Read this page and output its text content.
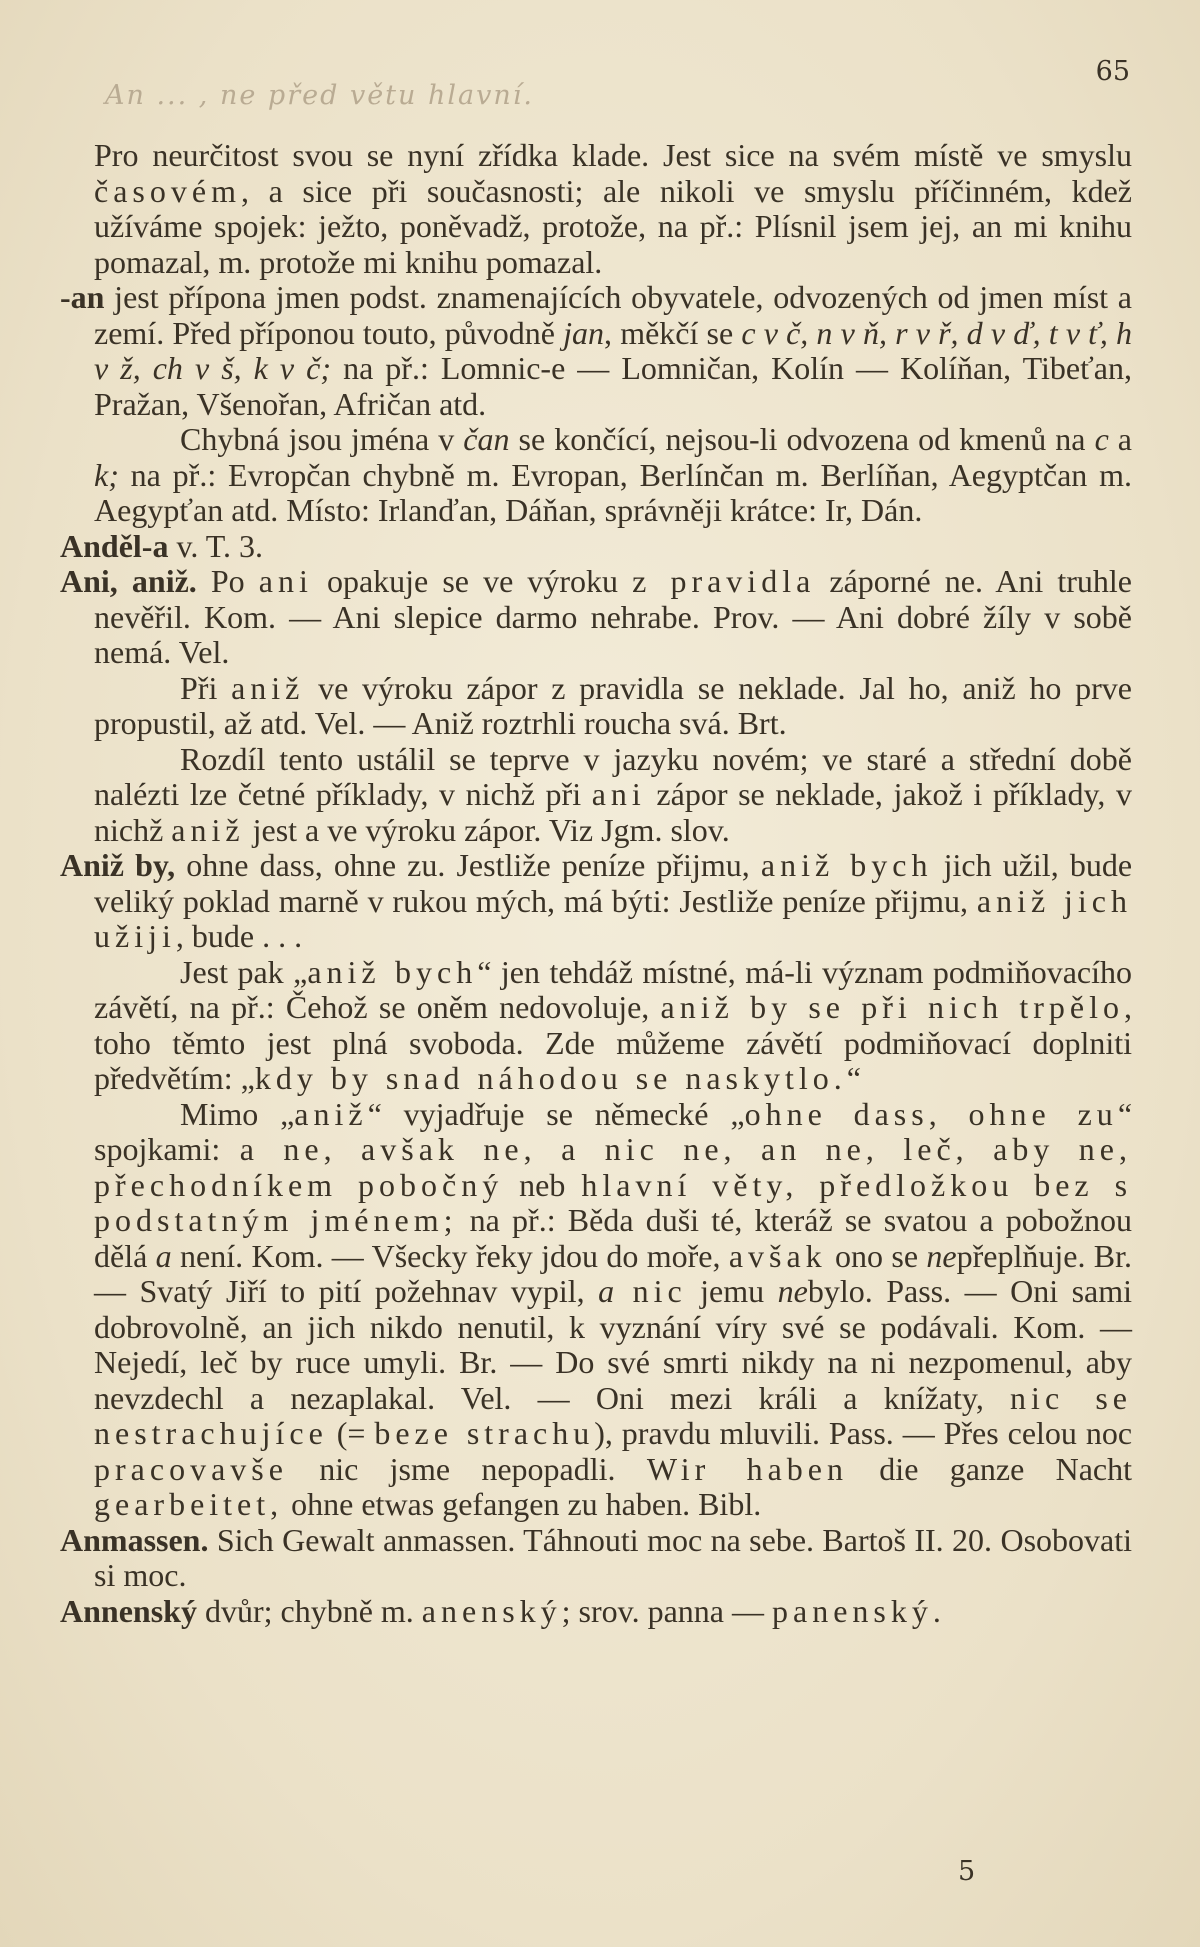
65
An ... , ne před větu hlavní.

Pro neurčitost svou se nyní zřídka klade. Jest sice na svém místě ve smyslu časovém, a sice při současnosti; ale nikoli ve smyslu příčinném, kdež užíváme spojek: ježto, poněvadž, protože, na př.: Plísnil jsem jej, an mi knihu pomazal, m. protože mi knihu pomazal.

-an jest přípona jmen podst. znamenajících obyvatele, odvozených od jmen míst a zemí. Před příponou touto, původně jan, měkčí se c v č, n v ň, r v ř, d v ď, t v ť, h v ž, ch v š, k v č; na př.: Lomnic-e — Lomničan, Kolín — Kolíňan, Tibeťan, Pražan, Všenořan, Afričan atd.

Chybná jsou jména v čan se končící, nejsou-li odvozena od kmenů na c a k; na př.: Evropčan chybně m. Evropan, Berlínčan m. Berlíňan, Aegyptčan m. Aegypťan atd. Místo: Irlanďan, Dáňan, správněji krátce: Ir, Dán.

Anděl-a v. T. 3.

Ani, aniž. Po ani opakuje se ve výroku z pravidla záporné ne. Ani truhle nevěřil. Kom. — Ani slepice darmo nehrabe. Prov. — Ani dobré žíly v sobě nemá. Vel.

Při aniž ve výroku zápor z pravidla se neklade. Jal ho, aniž ho prve propustil, až atd. Vel. — Aniž roztrhli roucha svá. Brt.

Rozdíl tento ustálil se teprve v jazyku novém; ve staré a střední době nalézti lze četné příklady, v nichž při ani zápor se neklade, jakož i příklady, v nichž aniž jest a ve výroku zápor. Viz Jgm. slov.

Aniž by, ohne dass, ohne zu. Jestliže peníze přijmu, aniž bych jich užil, bude veliký poklad marně v rukou mých, má býti: Jestliže peníze přijmu, aniž jich užiji, bude . . .

Jest pak „aniž bych“ jen tehdáž místné, má-li význam podmiňovacího závětí, na př.: Čehož se oněm nedovoluje, aniž by se při nich trpělo, toho těmto jest plná svoboda. Zde můžeme závětí podmiňovací doplniti předvětím: „kdy by snad náhodou se naskytlo.“

Mimo „aniž“ vyjadřuje se německé „ohne dass, ohne zu“ spojkami: a ne, avšak ne, a nic ne, an ne, leč, aby ne, přechodníkem pobočný neb hlavní věty, předložkou bez s podstatným jménem; na př.: Běda duši té, kteráž se svatou a pobožnou dělá a není. Kom. — Všecky řeky jdou do moře, avšak ono se nepřeplňuje. Br. — Svatý Jiří to pití požehnav vypil, a nic jemu nebylo. Pass. — Oni sami dobrovolně, an jich nikdo nenutil, k vyznání víry své se podávali. Kom. — Nejedí, leč by ruce umyli. Br. — Do své smrti nikdy na ni nezpomenul, aby nevzdechl a nezaplakal. Vel. — Oni mezi králi a knížaty, nic se nestrachujíce (= beze strachu), pravdu mluvili. Pass. — Přes celou noc pracovavše nic jsme nepopadli. Wir haben die ganze Nacht gearbeitet, ohne etwas gefangen zu haben. Bibl.

Anmassen. Sich Gewalt anmassen. Táhnouti moc na sebe. Bartoš II. 20. Osobovati si moc.

Annenský dvůr; chybně m. anenský; srov. panna — panenský.

5
